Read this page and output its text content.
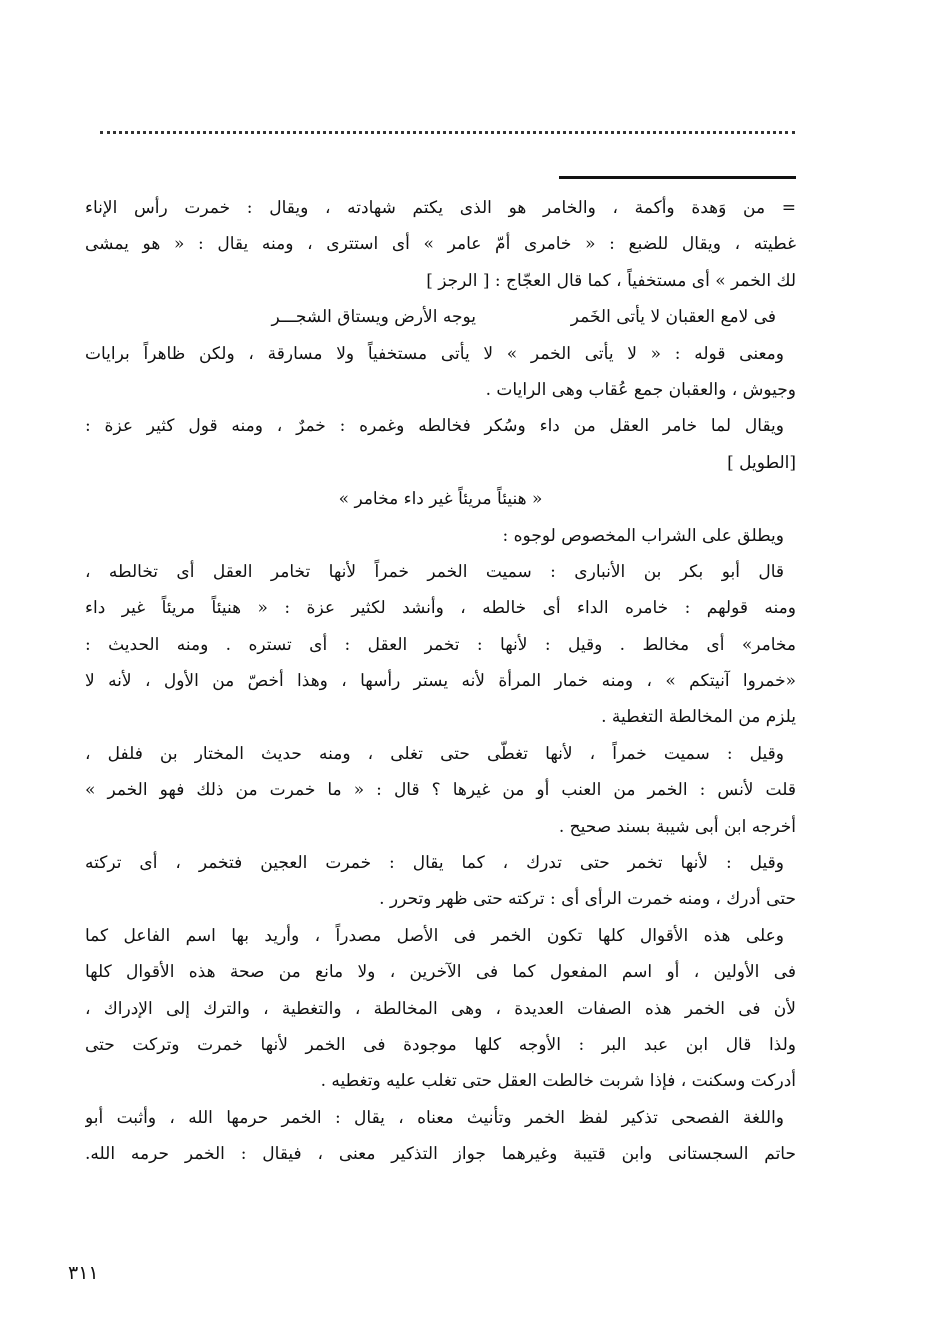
= من وَهدة وأكمة ، والخامر هو الذى يكتم شهادته ، ويقال : خمرت رأس الإناء
غطيته ، ويقال للضبع : « خامرى أمّ عامر » أى استترى ، ومنه يقال : « هو يمشى
لك الخمر » أى مستخفياً ، كما قال العجّاج : [ الرجز ]
فى لامع العقبان لا يأتى الخَمر
يوجه الأرض ويستاق الشجـــر
ومعنى قوله : « لا يأتى الخمر » لا يأتى مستخفياً ولا مسارقة ، ولكن ظاهراً برايات
وجيوش ، والعقبان جمع عُقاب وهى الرايات .
ويقال لما خامر العقل من داء وسُكر فخالطه وغمره : خمرٌ ، ومنه قول كثير عزة :
[الطويل ]
« هنيئاً مريئاً غير داء مخامر »
ويطلق على الشراب المخصوص لوجوه :
قال أبو بكر بن الأنبارى : سميت الخمر خمراً لأنها تخامر العقل أى تخالطه ،
ومنه قولهم : خامره الداء أى خالطه ، وأنشد لكثير عزة : « هنيئاً مريئاً غير داء
مخامر» أى مخالط . وقيل : لأنها : تخمر العقل : أى تستره . ومنه الحديث :
«خمروا آنيتكم » ، ومنه خمار المرأة لأنه يستر رأسها ، وهذا أخصّ من الأول ، لأنه لا
يلزم من المخالطة التغطية .
وقيل : سميت خمراً ، لأنها تغطّى حتى تغلى ، ومنه حديث المختار بن فلفل ،
قلت لأنس : الخمر من العنب أو من غيرها ؟ قال : « ما خمرت من ذلك فهو الخمر »
أخرجه ابن أبى شيبة بسند صحيح .
وقيل : لأنها تخمر حتى تدرك ، كما يقال : خمرت العجين فتخمر ، أى تركته
حتى أدرك ، ومنه خمرت الرأى أى : تركته حتى ظهر وتحرر .
وعلى هذه الأقوال كلها تكون الخمر فى الأصل مصدراً ، وأريد بها اسم الفاعل كما
فى الأولين ، أو اسم المفعول كما فى الآخرين ، ولا مانع من صحة هذه الأقوال كلها
لأن فى الخمر هذه الصفات العديدة ، وهى المخالطة ، والتغطية ، والترك إلى الإدراك ،
ولذا قال ابن عبد البر : الأوجه كلها موجودة فى الخمر لأنها خمرت وتركت حتى
أدركت وسكنت ، فإذا شربت خالطت العقل حتى تغلب عليه وتغطيه .
واللغة الفصحى تذكير لفظ الخمر وتأنيث معناه ، يقال : الخمر حرمها الله ، وأثبت أبو
حاتم السجستانى وابن قتيبة وغيرهما جواز التذكير معنى ، فيقال : الخمر حرمه الله.
٣١١
